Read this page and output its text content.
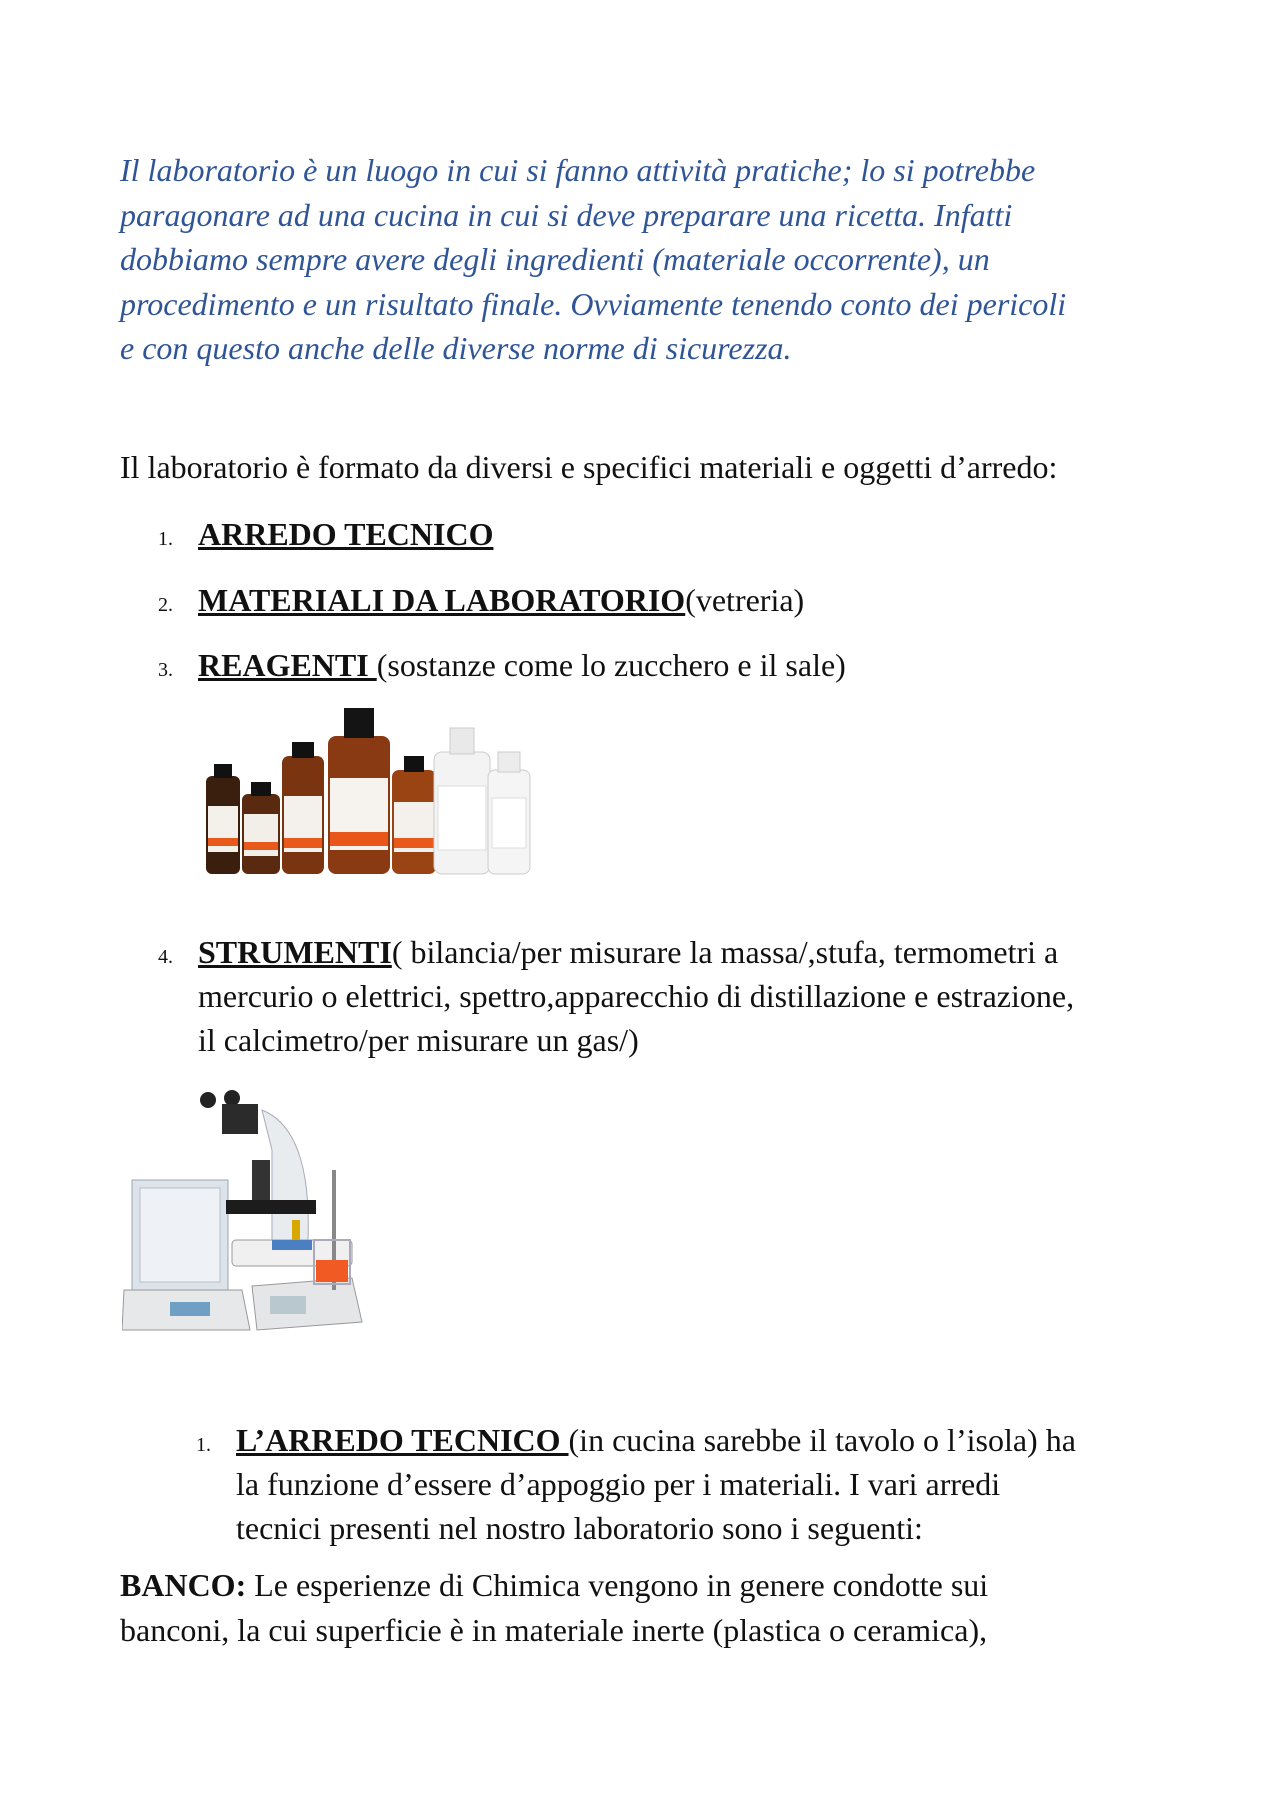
Il laboratorio è un luogo in cui si fanno attività pratiche; lo si potrebbe
paragonare ad una cucina in cui si deve preparare una ricetta. Infatti
dobbiamo sempre avere degli ingredienti (materiale occorrente), un
procedimento e un risultato finale. Ovviamente tenendo conto dei pericoli
e con questo anche delle diverse norme di sicurezza.

Il laboratorio è formato da diversi e specifici materiali e oggetti d’arredo:

1. ARREDO TECNICO
2. MATERIALI DA LABORATORIO(vetreria)
3. REAGENTI (sostanze come lo zucchero e il sale)
4. STRUMENTI( bilancia/per misurare la massa/,stufa, termometri a
mercurio o elettrici, spettro,apparecchio di distillazione e estrazione,
il calcimetro/per misurare un gas/)
1. L’ARREDO TECNICO (in cucina sarebbe il tavolo o l’isola) ha
la funzione d’essere d’appoggio per i materiali. I vari arredi
tecnici presenti nel nostro laboratorio sono i seguenti:

BANCO: Le esperienze di Chimica vengono in genere condotte sui
banconi, la cui superficie è in materiale inerte (plastica o ceramica),
